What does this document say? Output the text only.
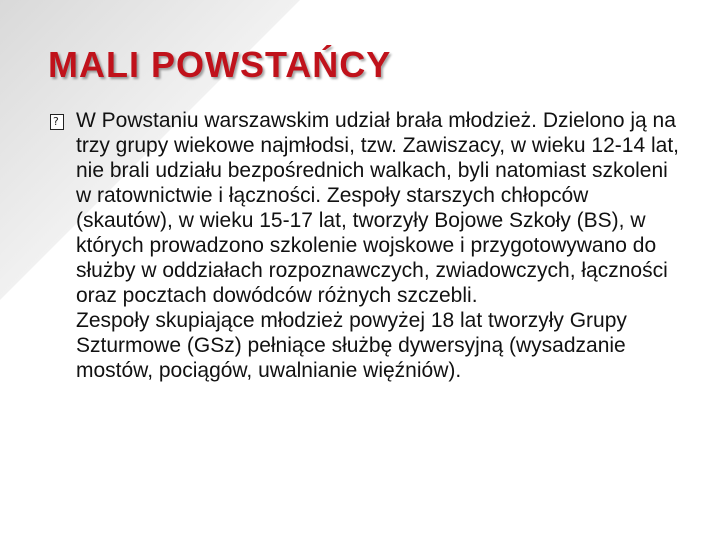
MALI POWSTAŃCY
?

W Powstaniu warszawskim udział brała młodzież. Dzielono ją na trzy grupy wiekowe najmłodsi, tzw. Zawiszacy, w wieku 12-14 lat, nie brali udziału bezpośrednich walkach, byli natomiast szkoleni w ratownictwie i łączności. Zespoły starszych chłopców (skautów), w wieku 15-17 lat, tworzyły Bojowe Szkoły (BS), w których prowadzono szkolenie wojskowe i przygotowywano do służby w oddziałach rozpoznawczych, zwiadowczych, łączności oraz pocztach dowódców różnych szczebli.

Zespoły skupiające młodzież powyżej 18 lat tworzyły Grupy Szturmowe (GSz) pełniące służbę dywersyjną (wysadzanie mostów, pociągów, uwalnianie więźniów).
